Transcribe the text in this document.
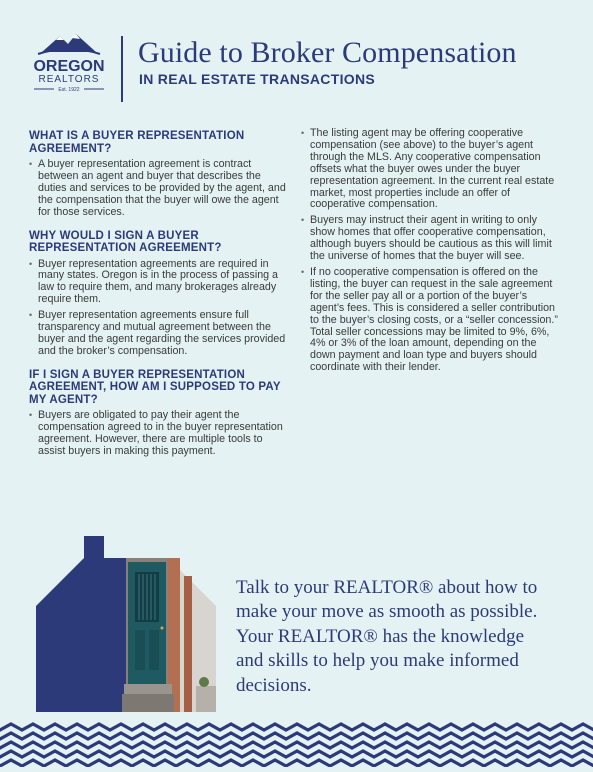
OREGON
REALTORS
Est. 1922
Guide to Broker Compensation
IN REAL ESTATE TRANSACTIONS
WHAT IS A BUYER REPRESENTATION AGREEMENT?
• A buyer representation agreement is contract between an agent and buyer that describes the duties and services to be provided by the agent, and the compensation that the buyer will owe the agent for those services.
WHY WOULD I SIGN A BUYER REPRESENTATION AGREEMENT?
• Buyer representation agreements are required in many states. Oregon is in the process of passing a law to require them, and many brokerages already require them.
• Buyer representation agreements ensure full transparency and mutual agreement between the buyer and the agent regarding the services provided and the broker’s compensation.
IF I SIGN A BUYER REPRESENTATION AGREEMENT, HOW AM I SUPPOSED TO PAY MY AGENT?
• Buyers are obligated to pay their agent the compensation agreed to in the buyer representation agreement. However, there are multiple tools to assist buyers in making this payment.
• The listing agent may be offering cooperative compensation (see above) to the buyer’s agent through the MLS. Any cooperative compensation offsets what the buyer owes under the buyer representation agreement. In the current real estate market, most properties include an offer of cooperative compensation.
• Buyers may instruct their agent in writing to only show homes that offer cooperative compensation, although buyers should be cautious as this will limit the universe of homes that the buyer will see.
• If no cooperative compensation is offered on the listing, the buyer can request in the sale agreement for the seller pay all or a portion of the buyer’s agent’s fees. This is considered a seller contribution to the buyer’s closing costs, or a “seller concession.” Total seller concessions may be limited to 9%, 6%, 4% or 3% of the loan amount, depending on the down payment and loan type and buyers should coordinate with their lender.
Talk to your REALTOR® about how to make your move as smooth as possible. Your REALTOR® has the knowledge and skills to help you make informed decisions.
